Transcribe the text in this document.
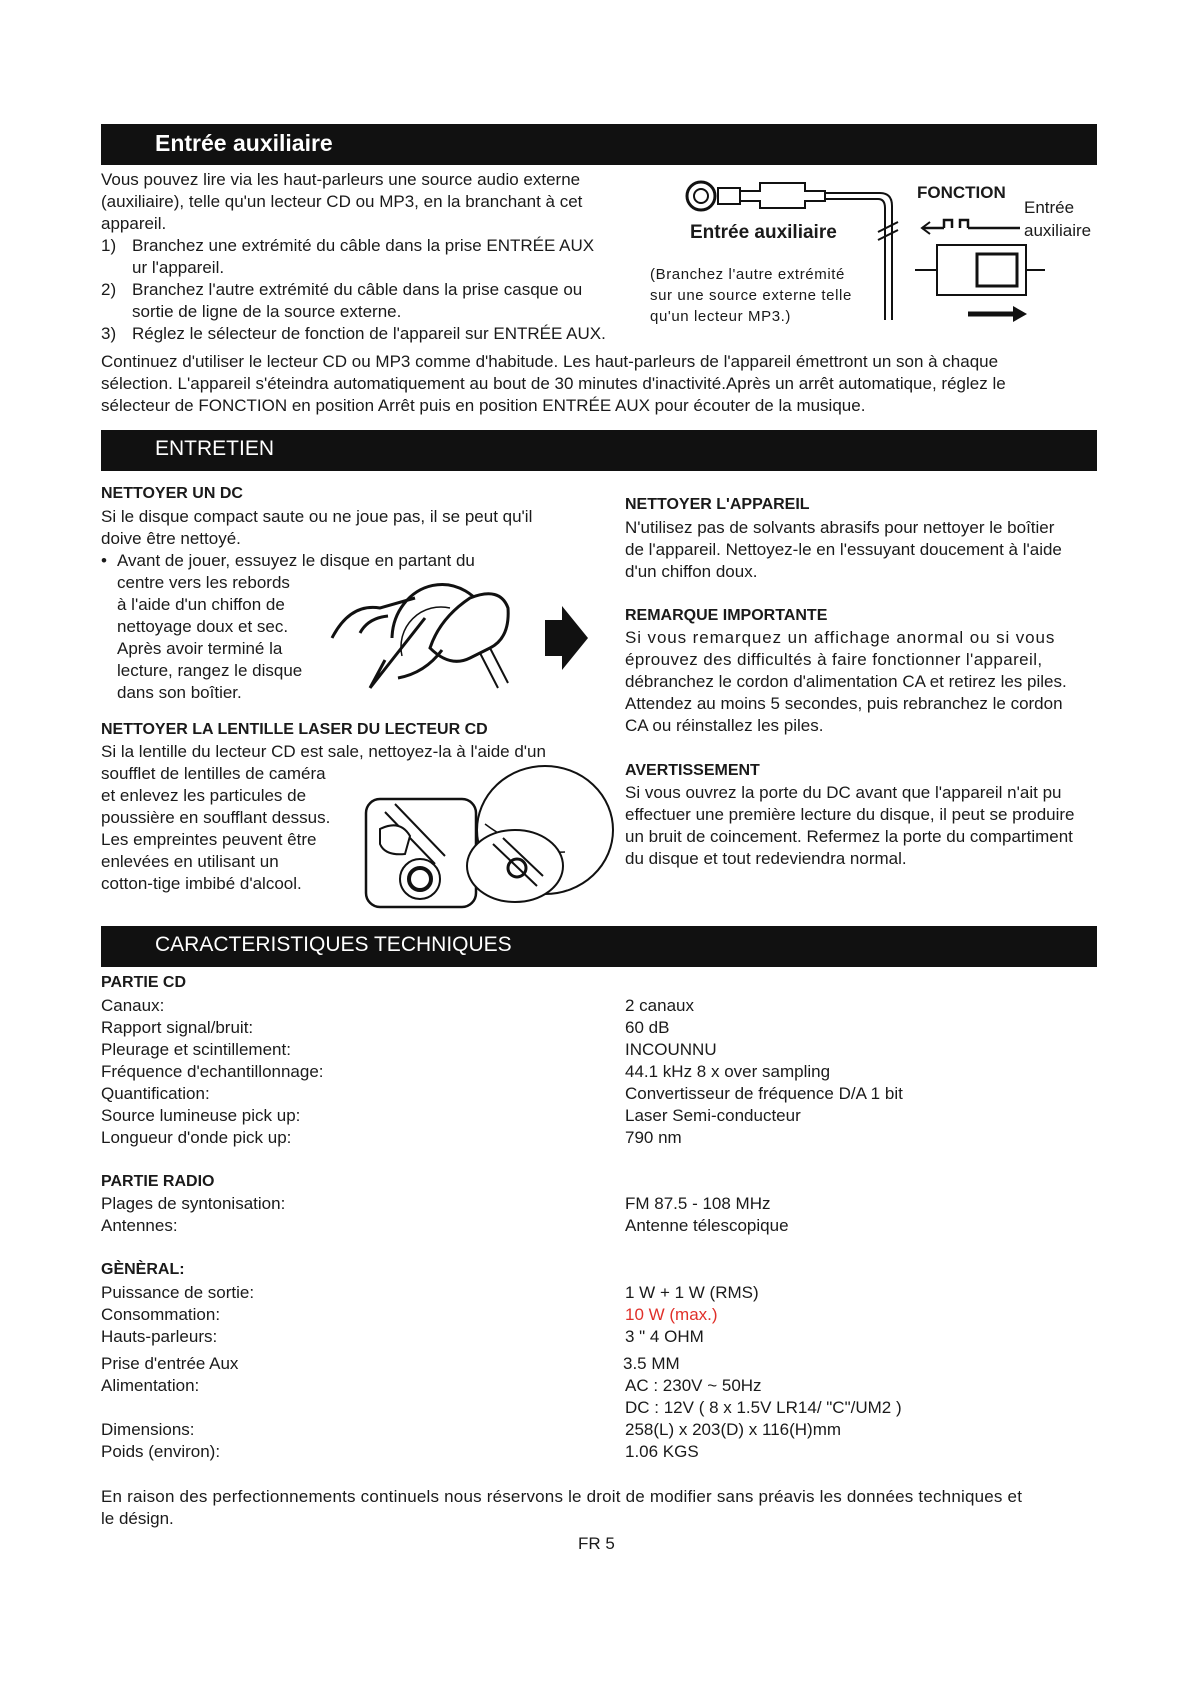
Entrée auxiliaire
Vous pouvez lire via les haut-parleurs une source audio externe
(auxiliaire), telle qu'un lecteur CD ou MP3, en la branchant à cet
appareil.
1) Branchez une extrémité du câble dans la prise ENTRÉE AUX
ur l'appareil.
2) Branchez l'autre extrémité du câble dans la prise casque ou
sortie de ligne de la source externe.
3) Réglez le sélecteur de fonction de l'appareil sur ENTRÉE AUX.
Entrée auxiliaire
(Branchez l'autre extrémité
sur une source externe telle
qu'un lecteur MP3.)
FONCTION
Entrée
auxiliaire
Continuez d'utiliser le lecteur CD ou MP3 comme d'habitude. Les haut-parleurs de l'appareil émettront un son à chaque
sélection. L'appareil s'éteindra automatiquement au bout de 30 minutes d'inactivité.Après un arrêt automatique, réglez le
sélecteur de FONCTION en position Arrêt puis en position ENTRÉE AUX pour écouter de la musique.
ENTRETIEN
NETTOYER UN DC
Si le disque compact saute ou ne joue pas, il se peut qu'il
doive être nettoyé.
• Avant de jouer, essuyez le disque en partant du
centre vers les rebords
à l'aide d'un chiffon de
nettoyage doux et sec.
Après avoir terminé la
lecture, rangez le disque
dans son boîtier.
NETTOYER LA LENTILLE LASER DU LECTEUR CD
Si la lentille du lecteur CD est sale, nettoyez-la à l'aide d'un
soufflet de lentilles de caméra
et enlevez les particules de
poussière en soufflant dessus.
Les empreintes peuvent être
enlevées en utilisant un
cotton-tige imbibé d'alcool.
NETTOYER L'APPAREIL
N'utilisez pas de solvants abrasifs pour nettoyer le boîtier
de l'appareil. Nettoyez-le en l'essuyant doucement à l'aide
d'un chiffon doux.
REMARQUE IMPORTANTE
Si vous remarquez un affichage anormal ou si vous
éprouvez des difficultés à faire fonctionner l'appareil,
débranchez le cordon d'alimentation CA et retirez les piles.
Attendez au moins 5 secondes, puis rebranchez le cordon
CA ou réinstallez les piles.
AVERTISSEMENT
Si vous ouvrez la porte du DC avant que l'appareil n'ait pu
effectuer une première lecture du disque, il peut se produire
un bruit de coincement. Refermez la porte du compartiment
du disque et tout redeviendra normal.
CARACTERISTIQUES TECHNIQUES
PARTIE CD
Canaux:	2 canaux
Rapport signal/bruit:	60 dB
Pleurage et scintillement:	INCOUNNU
Fréquence d'echantillonnage:	44.1 kHz 8 x over sampling
Quantification:	Convertisseur de fréquence D/A 1 bit
Source lumineuse pick up:	Laser Semi-conducteur
Longueur d'onde pick up:	790 nm
PARTIE RADIO
Plages de syntonisation:	FM 87.5 - 108 MHz
Antennes:	Antenne télescopique
GÈNÈRAL:
Puissance de sortie:	1 W + 1 W (RMS)
Consommation:	10 W (max.)
Hauts-parleurs:	3 " 4 OHM
Prise d'entrée Aux	3.5 MM
Alimentation:	AC : 230V ~ 50Hz
DC : 12V ( 8 x 1.5V LR14/ "C"/UM2 )
Dimensions:	258(L) x 203(D) x 116(H)mm
Poids (environ):	1.06 KGS
En raison des perfectionnements continuels nous réservons le droit de modifier sans préavis les données techniques et
le désign.
FR 5
